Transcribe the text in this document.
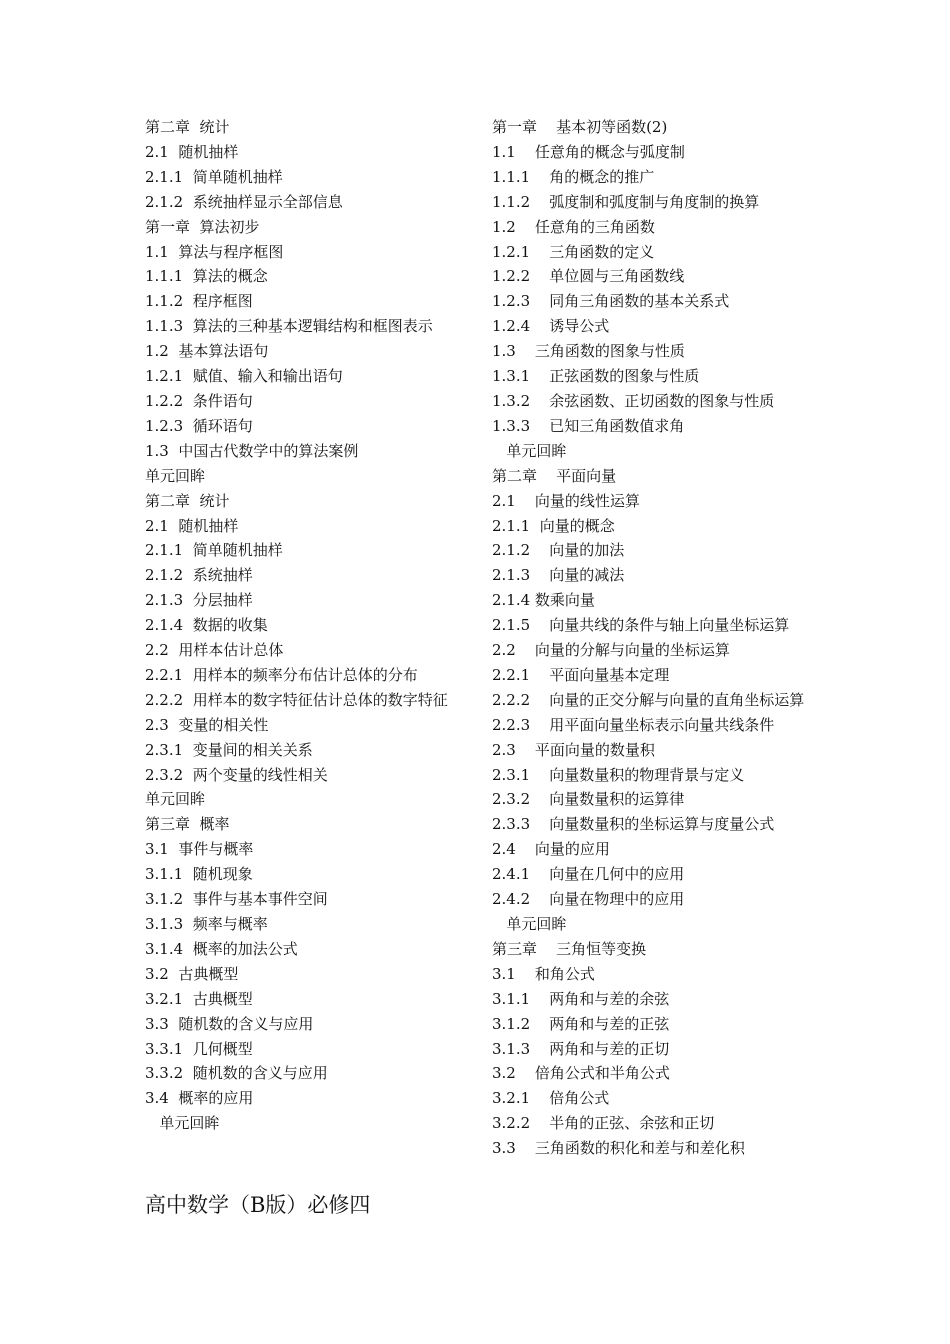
第二章  统计
2.1  随机抽样
2.1.1  简单随机抽样
2.1.2  系统抽样显示全部信息
第一章  算法初步
1.1  算法与程序框图
1.1.1  算法的概念
1.1.2  程序框图
1.1.3  算法的三种基本逻辑结构和框图表示
1.2  基本算法语句
1.2.1  赋值、输入和输出语句
1.2.2  条件语句
1.2.3  循环语句
1.3  中国古代数学中的算法案例
单元回眸
第二章  统计
2.1  随机抽样
2.1.1  简单随机抽样
2.1.2  系统抽样
2.1.3  分层抽样
2.1.4  数据的收集
2.2  用样本估计总体
2.2.1  用样本的频率分布估计总体的分布
2.2.2  用样本的数字特征估计总体的数字特征
2.3  变量的相关性
2.3.1  变量间的相关关系
2.3.2  两个变量的线性相关
单元回眸
第三章  概率
3.1  事件与概率
3.1.1  随机现象
3.1.2  事件与基本事件空间
3.1.3  频率与概率
3.1.4  概率的加法公式
3.2  古典概型
3.2.1  古典概型
3.3  随机数的含义与应用
3.3.1  几何概型
3.3.2  随机数的含义与应用
3.4  概率的应用
单元回眸
第一章    基本初等函数(2)
1.1    任意角的概念与弧度制
1.1.1    角的概念的推广
1.1.2    弧度制和弧度制与角度制的换算
1.2    任意角的三角函数
1.2.1    三角函数的定义
1.2.2    单位圆与三角函数线
1.2.3    同角三角函数的基本关系式
1.2.4    诱导公式
1.3    三角函数的图象与性质
1.3.1    正弦函数的图象与性质
1.3.2    余弦函数、正切函数的图象与性质
1.3.3    已知三角函数值求角
单元回眸
第二章    平面向量
2.1    向量的线性运算
2.1.1  向量的概念
2.1.2    向量的加法
2.1.3    向量的减法
2.1.4 数乘向量
2.1.5    向量共线的条件与轴上向量坐标运算
2.2    向量的分解与向量的坐标运算
2.2.1    平面向量基本定理
2.2.2    向量的正交分解与向量的直角坐标运算
2.2.3    用平面向量坐标表示向量共线条件
2.3    平面向量的数量积
2.3.1    向量数量积的物理背景与定义
2.3.2    向量数量积的运算律
2.3.3    向量数量积的坐标运算与度量公式
2.4    向量的应用
2.4.1    向量在几何中的应用
2.4.2    向量在物理中的应用
单元回眸
第三章    三角恒等变换
3.1    和角公式
3.1.1    两角和与差的余弦
3.1.2    两角和与差的正弦
3.1.3    两角和与差的正切
3.2    倍角公式和半角公式
3.2.1    倍角公式
3.2.2    半角的正弦、余弦和正切
3.3    三角函数的积化和差与和差化积
高中数学（B版）必修四
